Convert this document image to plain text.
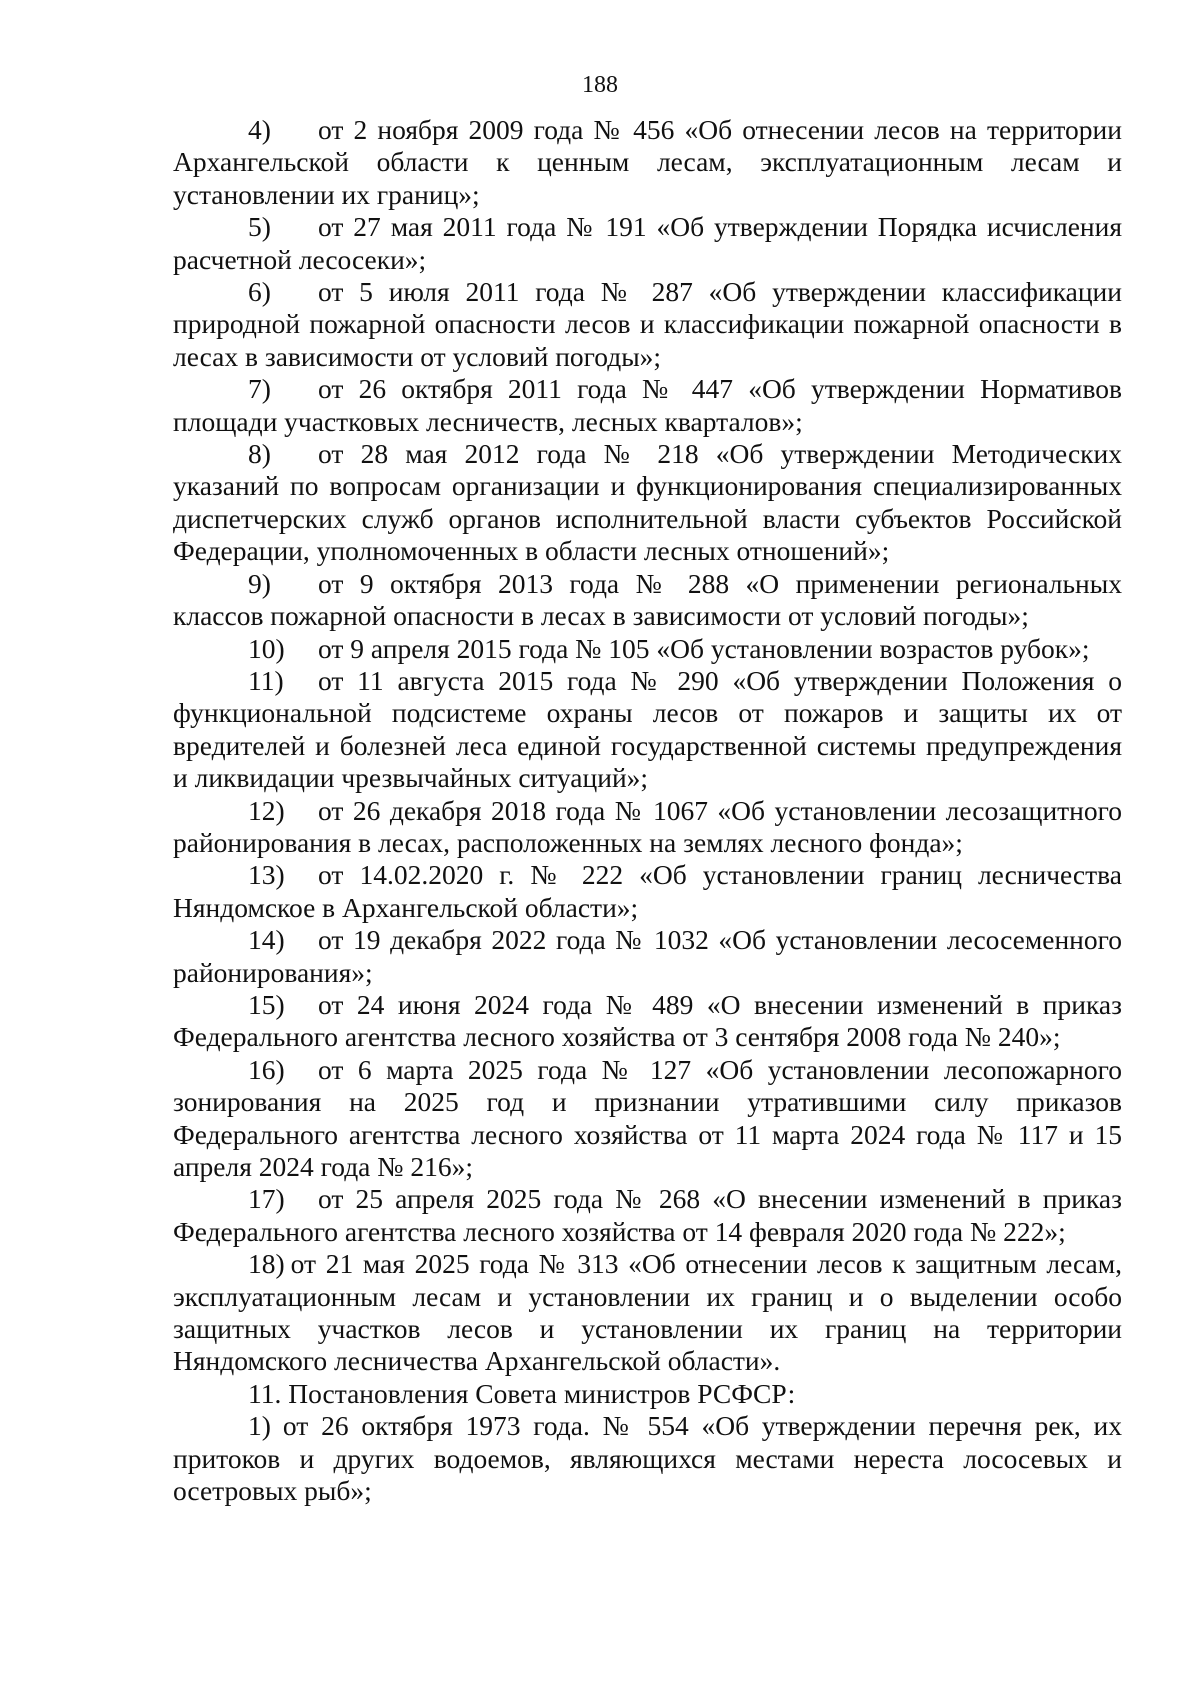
188

4) от 2 ноября 2009 года № 456 «Об отнесении лесов на территории Архангельской области к ценным лесам, эксплуатационным лесам и установлении их границ»;

5) от 27 мая 2011 года № 191 «Об утверждении Порядка исчисления расчетной лесосеки»;

6) от 5 июля 2011 года № 287 «Об утверждении классификации природной пожарной опасности лесов и классификации пожарной опасности в лесах в зависимости от условий погоды»;

7) от 26 октября 2011 года № 447 «Об утверждении Нормативов площади участковых лесничеств, лесных кварталов»;

8) от 28 мая 2012 года № 218 «Об утверждении Методических указаний по вопросам организации и функционирования специализированных диспетчерских служб органов исполнительной власти субъектов Российской Федерации, уполномоченных в области лесных отношений»;

9) от 9 октября 2013 года № 288 «О применении региональных классов пожарной опасности в лесах в зависимости от условий погоды»;

10) от 9 апреля 2015 года № 105 «Об установлении возрастов рубок»;

11) от 11 августа 2015 года № 290 «Об утверждении Положения о функциональной подсистеме охраны лесов от пожаров и защиты их от вредителей и болезней леса единой государственной системы предупреждения и ликвидации чрезвычайных ситуаций»;

12) от 26 декабря 2018 года № 1067 «Об установлении лесозащитного районирования в лесах, расположенных на землях лесного фонда»;

13) от 14.02.2020 г. № 222 «Об установлении границ лесничества Няндомское в Архангельской области»;

14) от 19 декабря 2022 года № 1032 «Об установлении лесосеменного районирования»;

15) от 24 июня 2024 года № 489 «О внесении изменений в приказ Федерального агентства лесного хозяйства от 3 сентября 2008 года № 240»;

16) от 6 марта 2025 года № 127 «Об установлении лесопожарного зонирования на 2025 год и признании утратившими силу приказов Федерального агентства лесного хозяйства от 11 марта 2024 года № 117 и 15 апреля 2024 года № 216»;

17) от 25 апреля 2025 года № 268 «О внесении изменений в приказ Федерального агентства лесного хозяйства от 14 февраля 2020 года № 222»;

18) от 21 мая 2025 года № 313 «Об отнесении лесов к защитным лесам, эксплуатационным лесам и установлении их границ и о выделении особо защитных участков лесов и установлении их границ на территории Няндомского лесничества Архангельской области».

11. Постановления Совета министров РСФСР:

1) от 26 октября 1973 года. № 554 «Об утверждении перечня рек, их притоков и других водоемов, являющихся местами нереста лососевых и осетровых рыб»;
